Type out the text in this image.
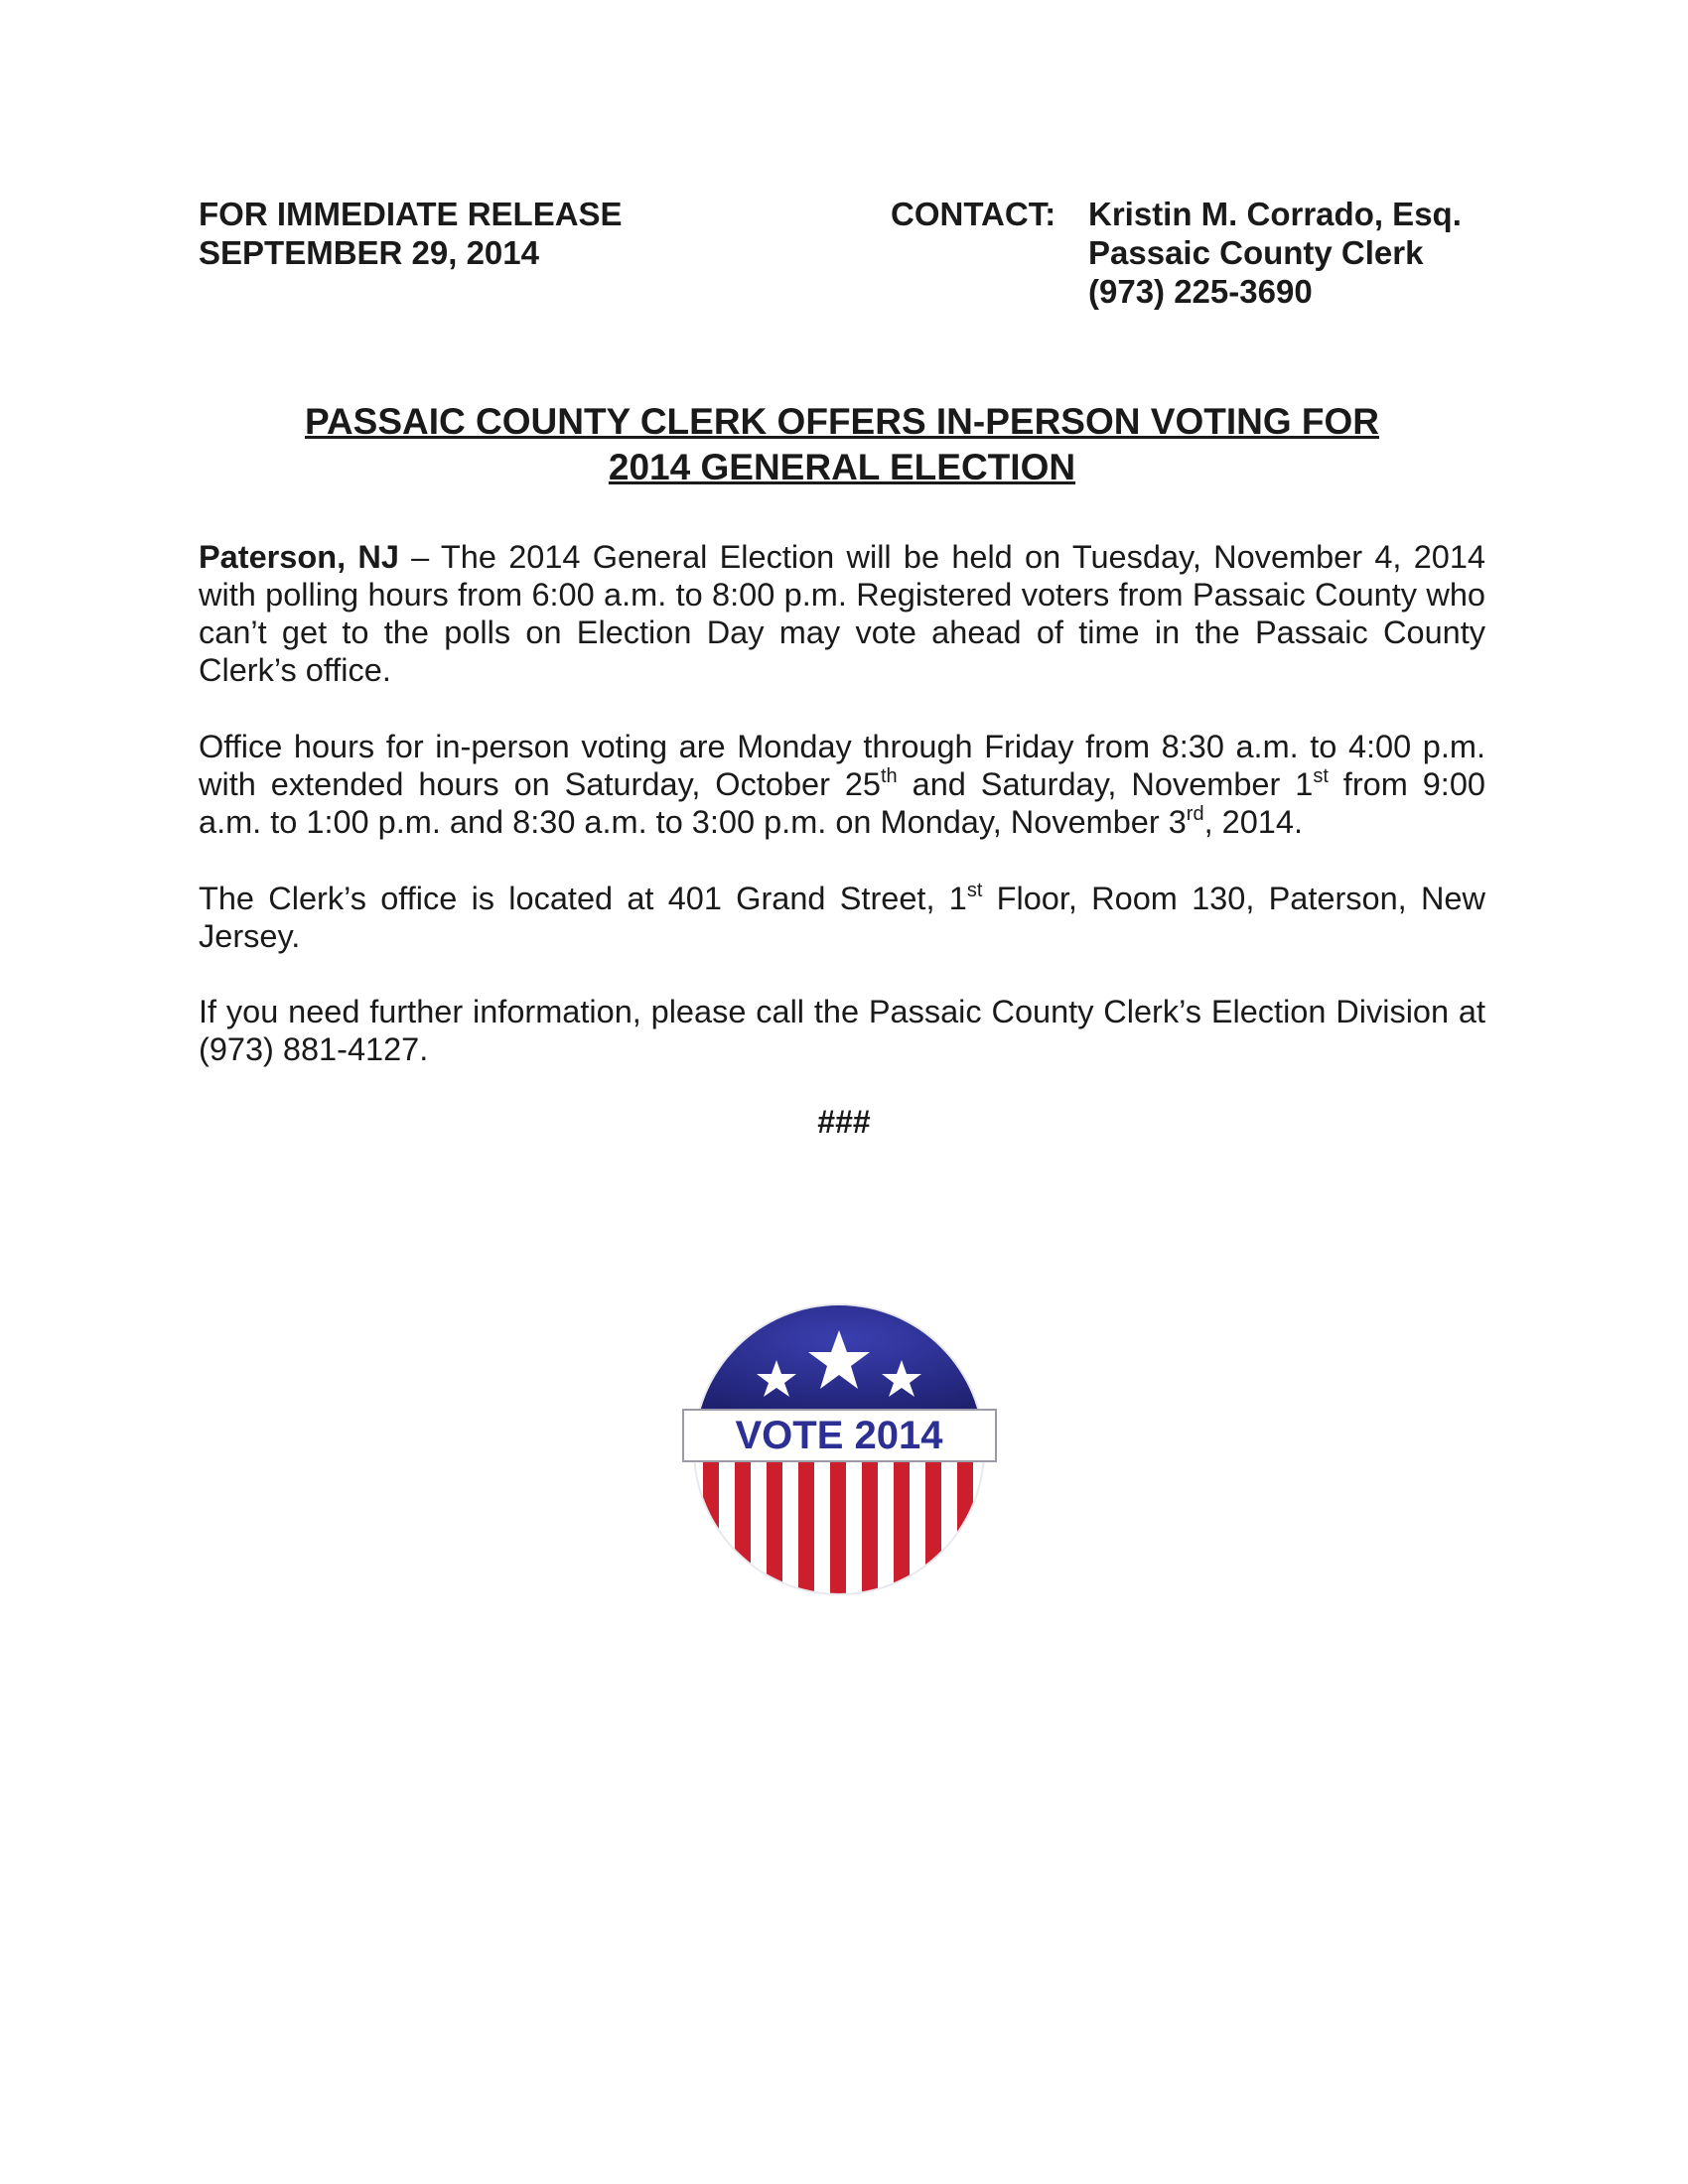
FOR IMMEDIATE RELEASE
SEPTEMBER 29, 2014
CONTACT: Kristin M. Corrado, Esq.
Passaic County Clerk
(973) 225-3690
PASSAIC COUNTY CLERK OFFERS IN-PERSON VOTING FOR
2014 GENERAL ELECTION

Paterson, NJ – The 2014 General Election will be held on Tuesday, November 4, 2014 with polling hours from 6:00 a.m. to 8:00 p.m. Registered voters from Passaic County who can’t get to the polls on Election Day may vote ahead of time in the Passaic County Clerk’s office.

Office hours for in-person voting are Monday through Friday from 8:30 a.m. to 4:00 p.m. with extended hours on Saturday, October 25th and Saturday, November 1st from 9:00 a.m. to 1:00 p.m. and 8:30 a.m. to 3:00 p.m. on Monday, November 3rd, 2014.

The Clerk’s office is located at 401 Grand Street, 1st Floor, Room 130, Paterson, New Jersey.

If you need further information, please call the Passaic County Clerk’s Election Division at (973) 881-4127.

###
VOTE 2014
